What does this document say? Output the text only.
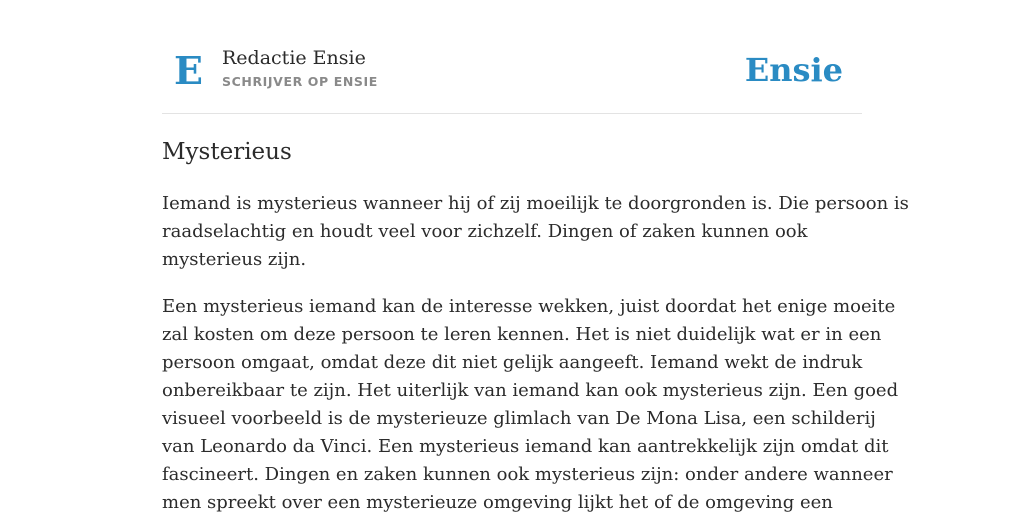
E Redactie Ensie
SCHRIJVER OP ENSIE	Ensie
Mysterieus

Iemand is mysterieus wanneer hij of zij moeilijk te doorgronden is. Die persoon is
raadselachtig en houdt veel voor zichzelf. Dingen of zaken kunnen ook
mysterieus zijn.

Een mysterieus iemand kan de interesse wekken, juist doordat het enige moeite
zal kosten om deze persoon te leren kennen. Het is niet duidelijk wat er in een
persoon omgaat, omdat deze dit niet gelijk aangeeft. Iemand wekt de indruk
onbereikbaar te zijn. Het uiterlijk van iemand kan ook mysterieus zijn. Een goed
visueel voorbeeld is de mysterieuze glimlach van De Mona Lisa, een schilderij
van Leonardo da Vinci. Een mysterieus iemand kan aantrekkelijk zijn omdat dit
fascineert. Dingen en zaken kunnen ook mysterieus zijn: onder andere wanneer
men spreekt over een mysterieuze omgeving lijkt het of de omgeving een
